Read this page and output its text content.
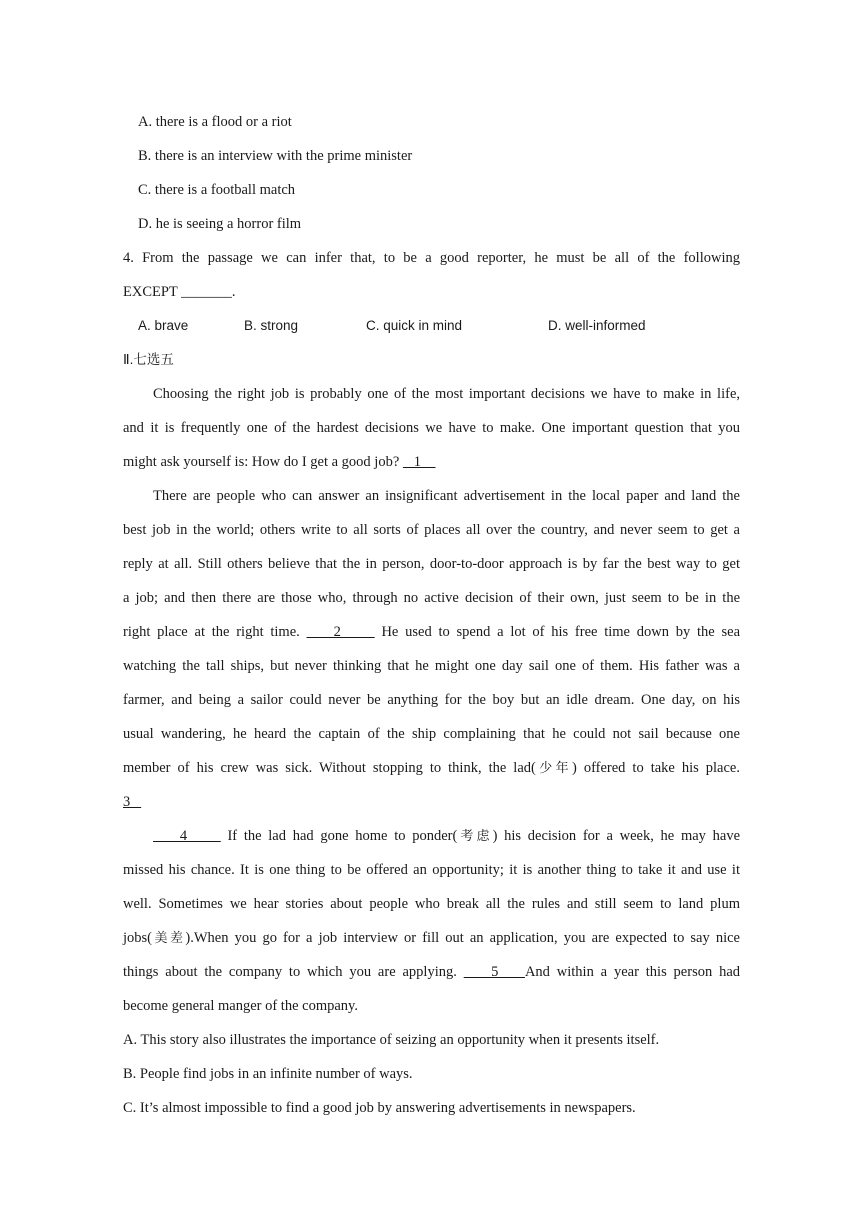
A. there is a flood or a riot
B. there is an interview with the prime minister
C. there is a football match
D. he is seeing a horror film
4. From the passage we can infer that, to be a good reporter, he must be all of the following
EXCEPT _______.
A. brave	B. strong	C. quick in mind	D. well-informed
Ⅱ.七选五
Choosing the right job is probably one of the most important decisions we have to make in life,
and it is frequently one of the hardest decisions we have to make. One important question that you
might ask yourself is: How do I get a good job?    1
There are people who can answer an insignificant advertisement in the local paper and land the
best job in the world; others write to all sorts of places all over the country, and never seem to get a
reply at all. Still others believe that the in person, door-to-door approach is by far the best way to get
a job; and then there are those who, through no active decision of their own, just seem to be in the
right place at the right time.     2      He used to spend a lot of his free time down by the sea
watching the tall ships, but never thinking that he might one day sail one of them. His father was a
farmer, and being a sailor could never be anything for the boy but an idle dream. One day, on his
usual wandering, he heard the captain of the ship complaining that he could not sail because one
member of his crew was sick. Without stopping to think, the lad(少年) offered to take his place.
3
4      If the lad had gone home to ponder(考虑) his decision for a week, he may have
missed his chance. It is one thing to be offered an opportunity; it is another thing to take it and use it
well. Sometimes we hear stories about people who break all the rules and still seem to land plum
jobs(美差).When you go for a job interview or fill out an application, you are expected to say nice
things about the company to which you are applying.     5    And within a year this person had
become general manger of the company.
A. This story also illustrates the importance of seizing an opportunity when it presents itself.
B. People find jobs in an infinite number of ways.
C. It’s almost impossible to find a good job by answering advertisements in newspapers.
